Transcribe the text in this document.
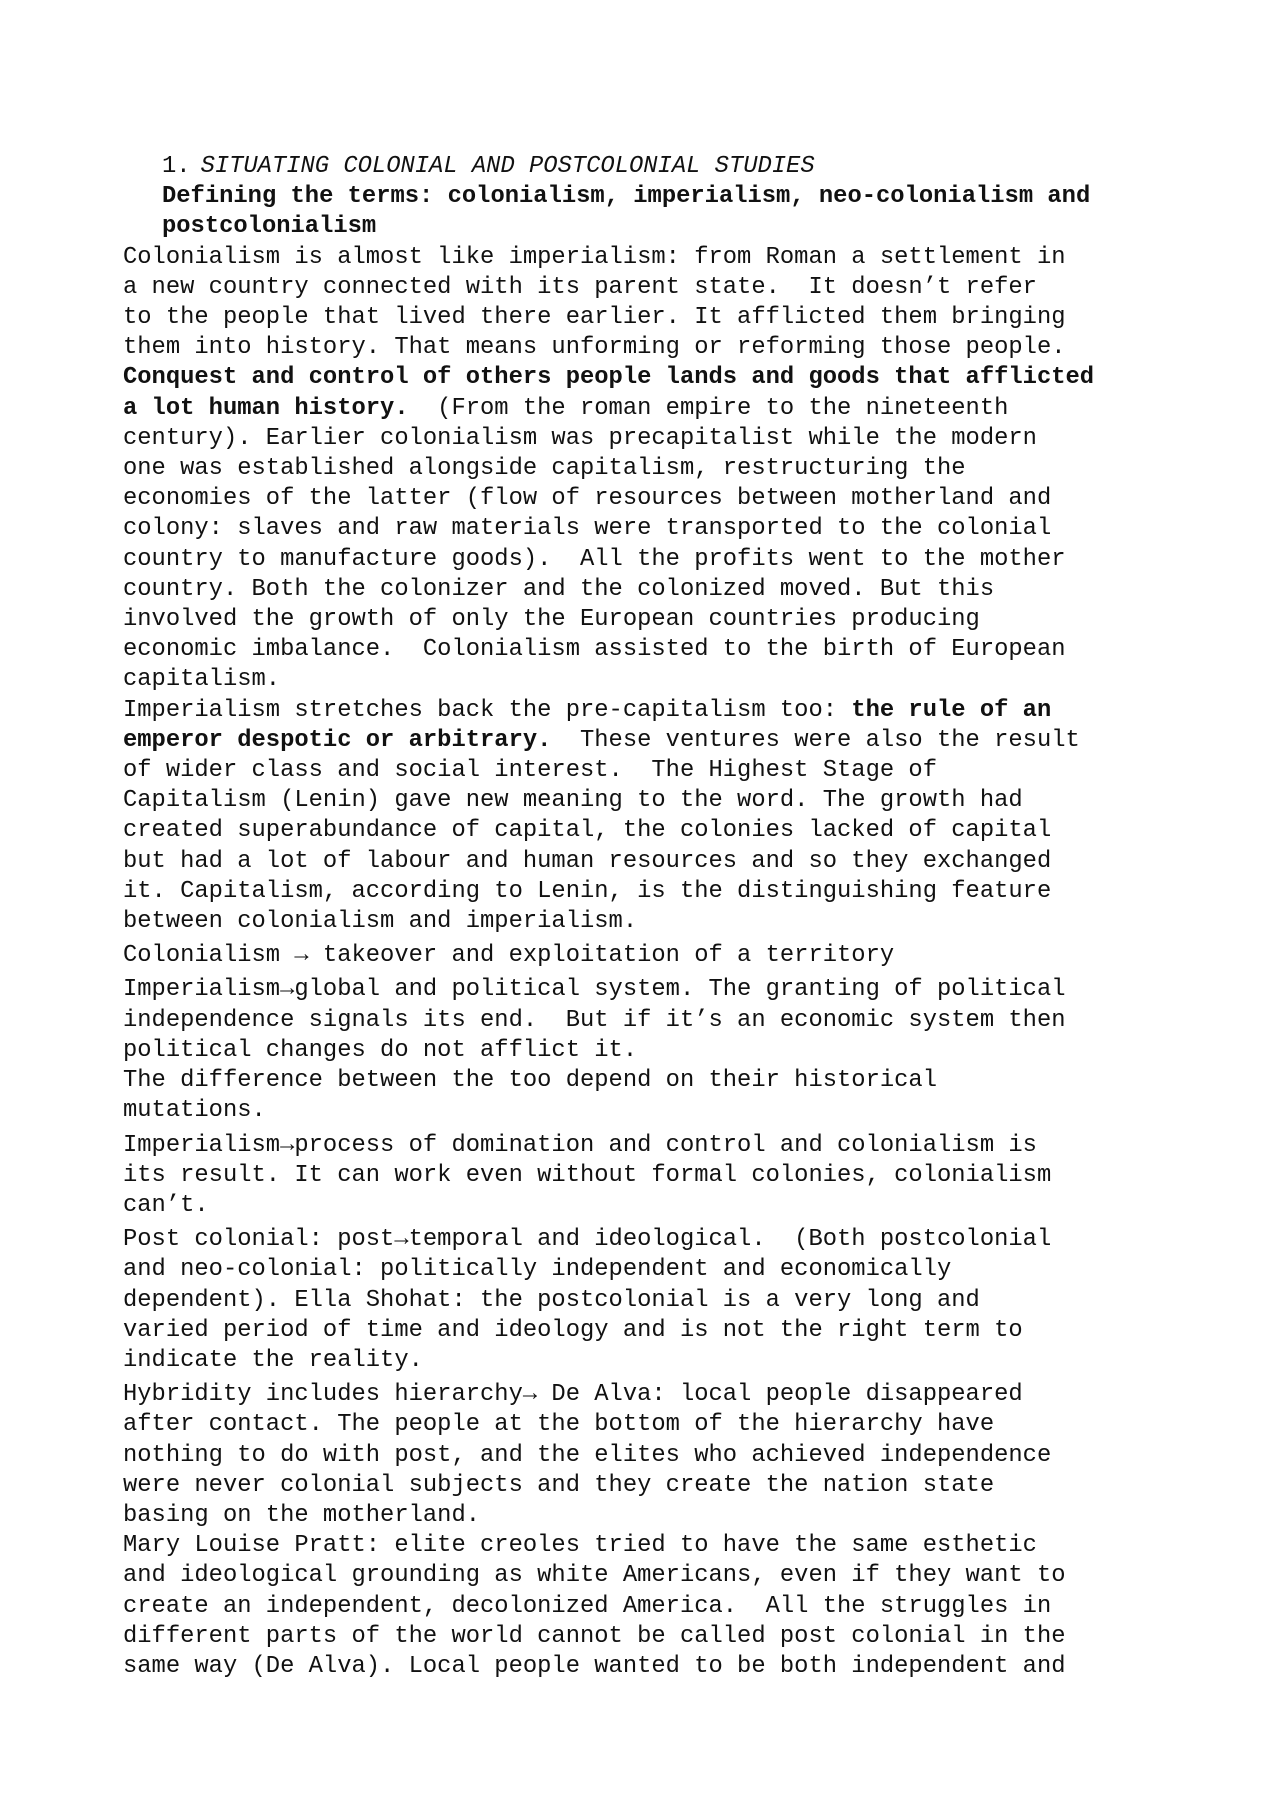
1. SITUATING COLONIAL AND POSTCOLONIAL STUDIES
Defining the terms: colonialism, imperialism, neo-colonialism and
postcolonialism
Colonialism is almost like imperialism: from Roman a settlement in
a new country connected with its parent state.  It doesn’t refer
to the people that lived there earlier. It afflicted them bringing
them into history. That means unforming or reforming those people.
Conquest and control of others people lands and goods that afflicted
a lot human history.  (From the roman empire to the nineteenth
century). Earlier colonialism was precapitalist while the modern
one was established alongside capitalism, restructuring the
economies of the latter (flow of resources between motherland and
colony: slaves and raw materials were transported to the colonial
country to manufacture goods).  All the profits went to the mother
country. Both the colonizer and the colonized moved. But this
involved the growth of only the European countries producing
economic imbalance.  Colonialism assisted to the birth of European
capitalism.
Imperialism stretches back the pre-capitalism too: the rule of an
emperor despotic or arbitrary.  These ventures were also the result
of wider class and social interest.  The Highest Stage of
Capitalism (Lenin) gave new meaning to the word. The growth had
created superabundance of capital, the colonies lacked of capital
but had a lot of labour and human resources and so they exchanged
it. Capitalism, according to Lenin, is the distinguishing feature
between colonialism and imperialism.
Colonialism → takeover and exploitation of a territory
Imperialism→global and political system. The granting of political
independence signals its end.  But if it’s an economic system then
political changes do not afflict it.
The difference between the too depend on their historical
mutations.
Imperialism→process of domination and control and colonialism is
its result. It can work even without formal colonies, colonialism
can’t.
Post colonial: post→temporal and ideological.  (Both postcolonial
and neo-colonial: politically independent and economically
dependent). Ella Shohat: the postcolonial is a very long and
varied period of time and ideology and is not the right term to
indicate the reality.
Hybridity includes hierarchy→ De Alva: local people disappeared
after contact. The people at the bottom of the hierarchy have
nothing to do with post, and the elites who achieved independence
were never colonial subjects and they create the nation state
basing on the motherland.
Mary Louise Pratt: elite creoles tried to have the same esthetic
and ideological grounding as white Americans, even if they want to
create an independent, decolonized America.  All the struggles in
different parts of the world cannot be called post colonial in the
same way (De Alva). Local people wanted to be both independent and
